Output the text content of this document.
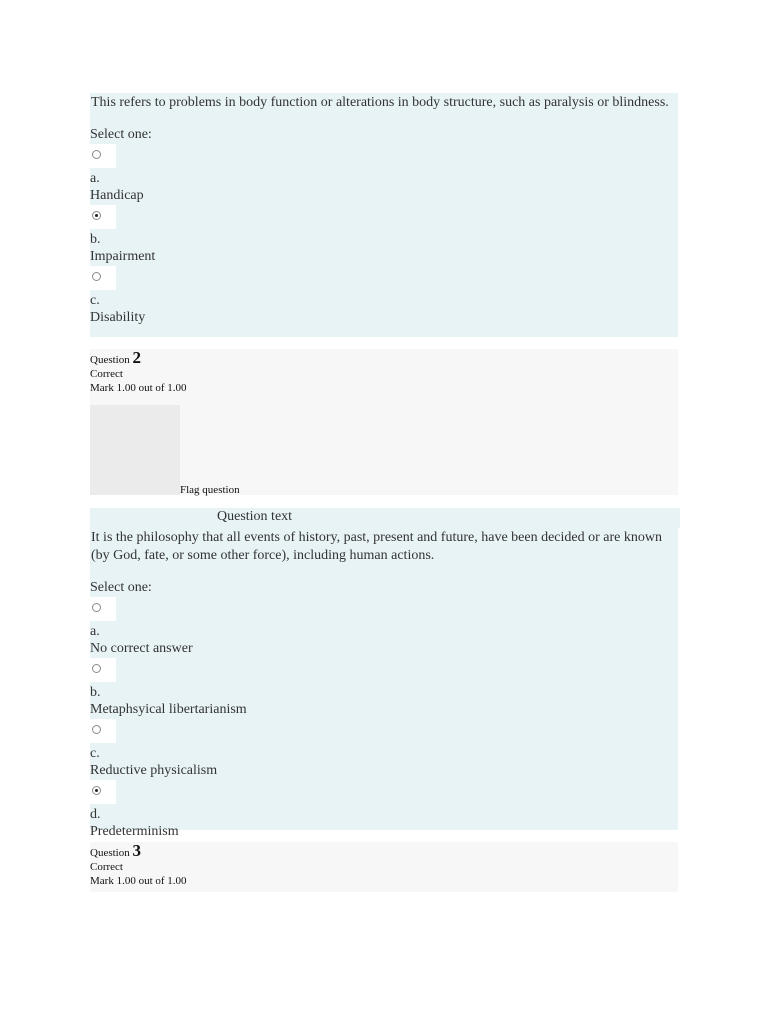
This refers to problems in body function or alterations in body structure, such as paralysis or blindness.
Select one:
a.
Handicap
b.
Impairment
c.
Disability
Question 2
Correct
Mark 1.00 out of 1.00
Flag question
Question text
It is the philosophy that all events of history, past, present and future, have been decided or are known (by God, fate, or some other force), including human actions.
Select one:
a.
No correct answer
b.
Metaphsyical libertarianism
c.
Reductive physicalism
d.
Predeterminism
Question 3
Correct
Mark 1.00 out of 1.00
